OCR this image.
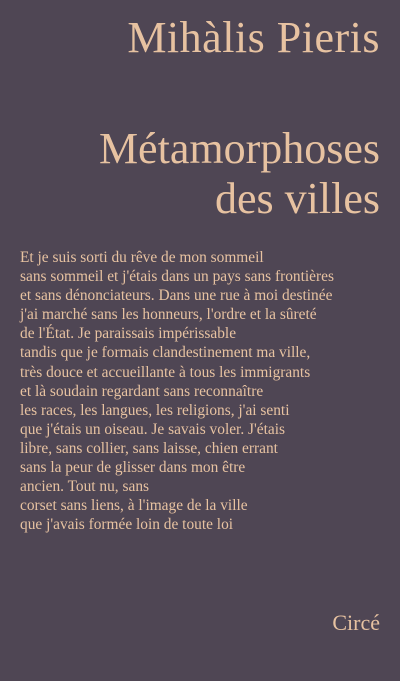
Mihàlis Pieris
Métamorphoses
des villes
Et je suis sorti du rêve de mon sommeil
sans sommeil et j'étais dans un pays sans frontières
et sans dénonciateurs. Dans une rue à moi destinée
j'ai marché sans les honneurs, l'ordre et la sûreté
de l'État. Je paraissais impérissable
tandis que je formais clandestinement ma ville,
très douce et accueillante à tous les immigrants
et là soudain regardant sans reconnaître
les races, les langues, les religions, j'ai senti
que j'étais un oiseau. Je savais voler. J'étais
libre, sans collier, sans laisse, chien errant
sans la peur de glisser dans mon être
ancien. Tout nu, sans
corset sans liens, à l'image de la ville
que j'avais formée loin de toute loi
Circé
